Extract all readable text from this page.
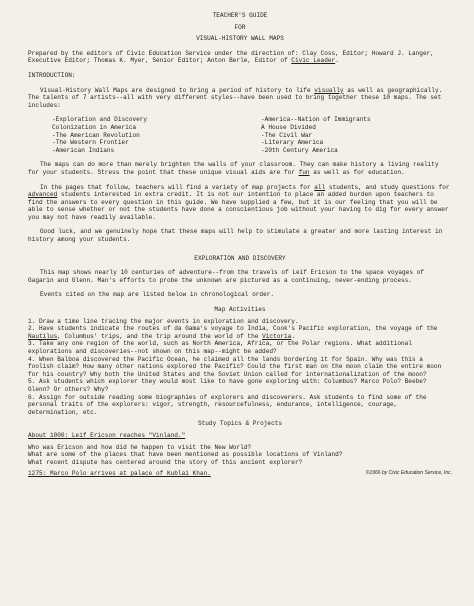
TEACHER'S GUIDE

FOR

VISUAL-HISTORY WALL MAPS

Prepared by the editors of Civic Education Service under the direction of: Clay Coss, Editor; Howard J. Langer, Executive Editor; Thomas K. Myer, Senior Editor; Anton Berle, Editor of Civic Leader.

INTRODUCTION:

Visual-History Wall Maps are designed to bring a period of history to life visually as well as geographically. The talents of 7 artists--all with very different styles--have been used to bring together these 10 maps. The set includes:

-Exploration and Discovery
Colonization in America
-The American Revolution
-The Western Frontier
-American Indians
-America--Nation of Immigrants
A House Divided
-The Civil War
-Literary America
-20th Century America

The maps can do more than merely brighten the walls of your classroom. They can make history a living reality for your students. Stress the point that these unique visual aids are for fun as well as for education.

In the pages that follow, teachers will find a variety of map projects for all students, and study questions for advanced students interested in extra credit. It is not our intention to place an added burden upon teachers to find the answers to every question in this guide. We have supplied a few, but it is our feeling that you will be able to sense whether or not the students have done a conscientious job without your having to dig for every answer you may not have readily available.

Good luck, and we genuinely hope that these maps will help to stimulate a greater and more lasting interest in history among your students.

EXPLORATION AND DISCOVERY

This map shows nearly 10 centuries of adventure--from the travels of Leif Ericson to the space voyages of Gagarin and Glenn. Man's efforts to probe the unknown are pictured as a continuing, never-ending process.

Events cited on the map are listed below in chronological order.

Map Activities

1. Draw a time line tracing the major events in exploration and discovery.

2. Have students indicate the routes of da Gama's voyage to India, Cook's Pacific exploration, the voyage of the Nautilus, Columbus' trips, and the trip around the world of the Victoria.

3. Take any one region of the world, such as North America, Africa, or the Polar regions. What additional explorations and discoveries--not shown on this map--might be added?

4. When Balboa discovered the Pacific Ocean, he claimed all the lands bordering it for Spain. Why was this a foolish claim? How many other nations explored the Pacific? Could the first man on the moon claim the entire moon for his country? Why both the United States and the Soviet Union called for internationalization of the moon?

5. Ask students which explorer they would most like to have gone exploring with: Columbus? Marco Polo? Beebe? Glenn? Or others? Why?

6. Assign for outside reading some biographies of explorers and discoverers. Ask students to find some of the personal traits of the explorers: vigor, strength, resourcefulness, endurance, intelligence, courage, determination, etc.

Study Topics & Projects

About 1000: Leif Ericson reaches "Vinland."

Who was Ericson and how did he happen to visit the New World?

What are some of the places that have been mentioned as possible locations of Vinland?

What recent dispute has centered around the story of this ancient explorer?

1275: Marco Polo arrives at palace of Kublai Khan.	©1966 by Civic Education Service, Inc.
